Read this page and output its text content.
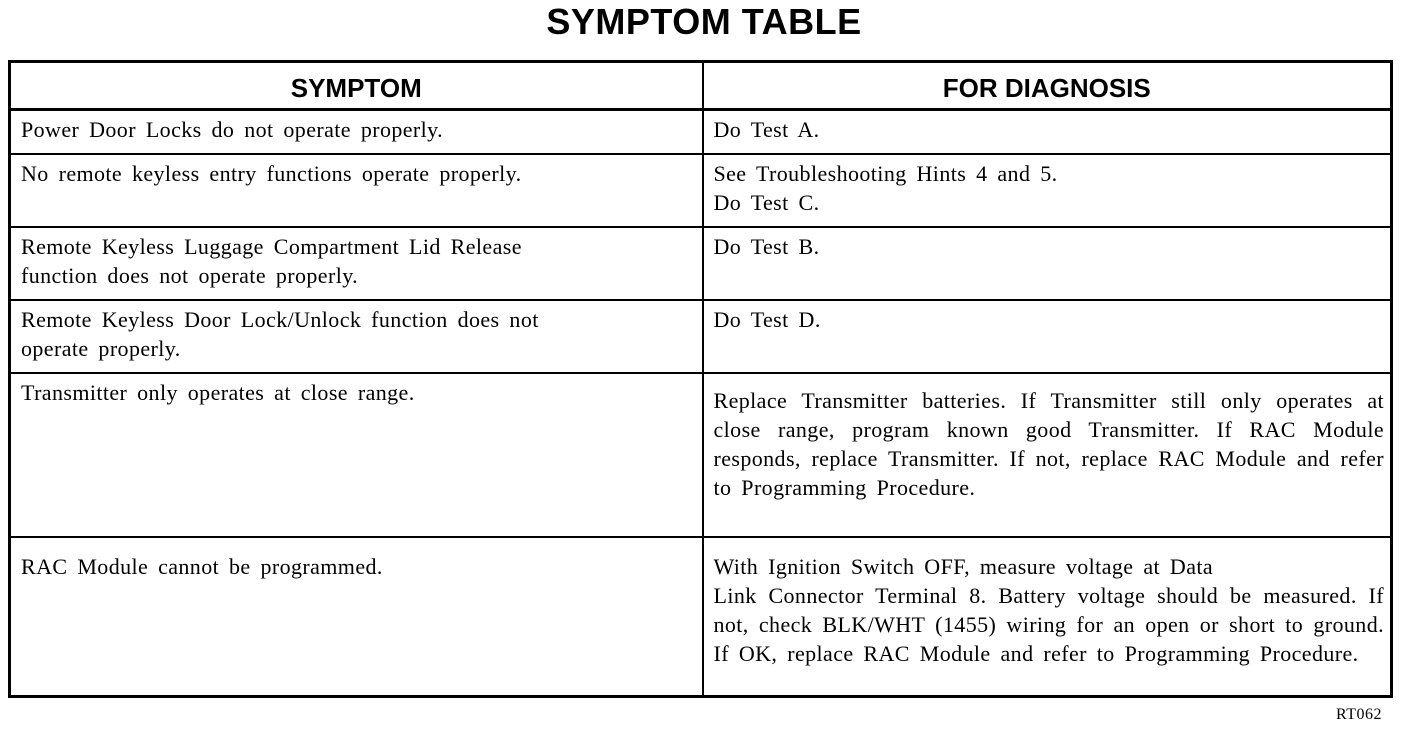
SYMPTOM TABLE
SYMPTOM	FOR DIAGNOSIS

Power Door Locks do not operate properly.	Do Test A.

No remote keyless entry functions operate properly.	See Troubleshooting Hints 4 and 5.
Do Test C.

Remote Keyless Luggage Compartment Lid Release
function does not operate properly.	Do Test B.

Remote Keyless Door Lock/Unlock function does not
operate properly.	Do Test D.

Transmitter only operates at close range.	Replace Transmitter batteries. If Transmitter still only operates at close range, program known good Transmitter. If RAC Module responds, replace Transmitter. If not, replace RAC Module and refer to Programming Procedure.

RAC Module cannot be programmed.	With Ignition Switch OFF, measure voltage at Data
Link Connector Terminal 8. Battery voltage should be measured. If not, check BLK/WHT (1455) wiring for an open or short to ground. If OK, replace RAC Module and refer to Programming Procedure.
RT062
